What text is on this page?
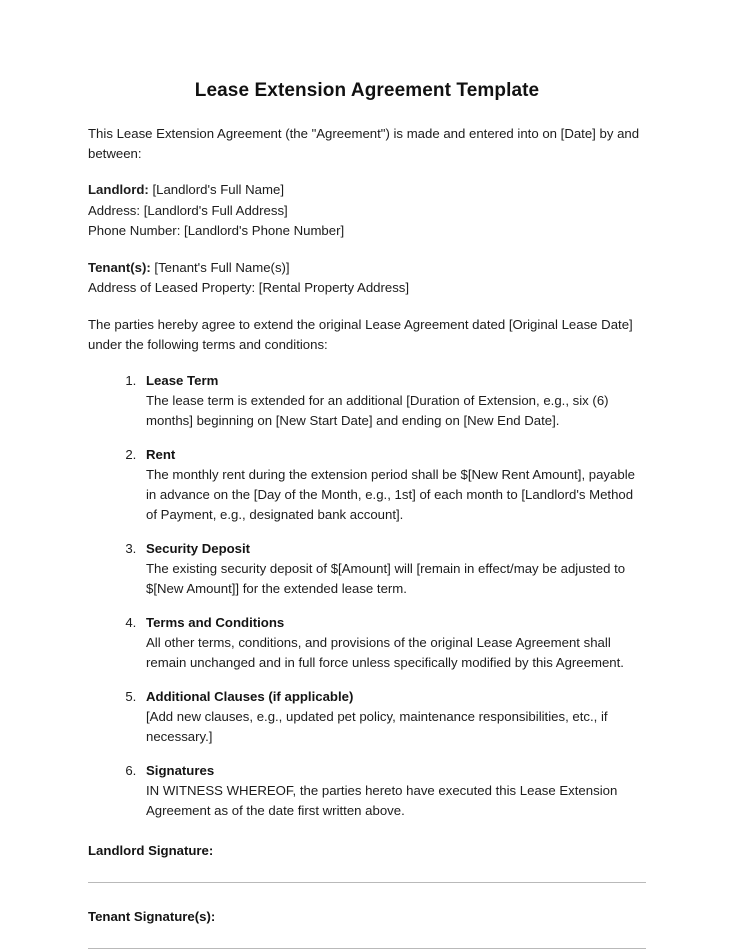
Lease Extension Agreement Template

This Lease Extension Agreement (the "Agreement") is made and entered into on [Date] by and between:

Landlord: [Landlord's Full Name]
Address: [Landlord's Full Address]
Phone Number: [Landlord's Phone Number]
Tenant(s): [Tenant's Full Name(s)]
Address of Leased Property: [Rental Property Address]

The parties hereby agree to extend the original Lease Agreement dated [Original Lease Date] under the following terms and conditions:

1. Lease Term
The lease term is extended for an additional [Duration of Extension, e.g., six (6) months] beginning on [New Start Date] and ending on [New End Date].
2. Rent
The monthly rent during the extension period shall be $[New Rent Amount], payable in advance on the [Day of the Month, e.g., 1st] of each month to [Landlord's Method of Payment, e.g., designated bank account].
3. Security Deposit
The existing security deposit of $[Amount] will [remain in effect/may be adjusted to $[New Amount]] for the extended lease term.
4. Terms and Conditions
All other terms, conditions, and provisions of the original Lease Agreement shall remain unchanged and in full force unless specifically modified by this Agreement.
5. Additional Clauses (if applicable)
[Add new clauses, e.g., updated pet policy, maintenance responsibilities, etc., if necessary.]
6. Signatures
IN WITNESS WHEREOF, the parties hereto have executed this Lease Extension Agreement as of the date first written above.
Landlord Signature:
Tenant Signature(s):
